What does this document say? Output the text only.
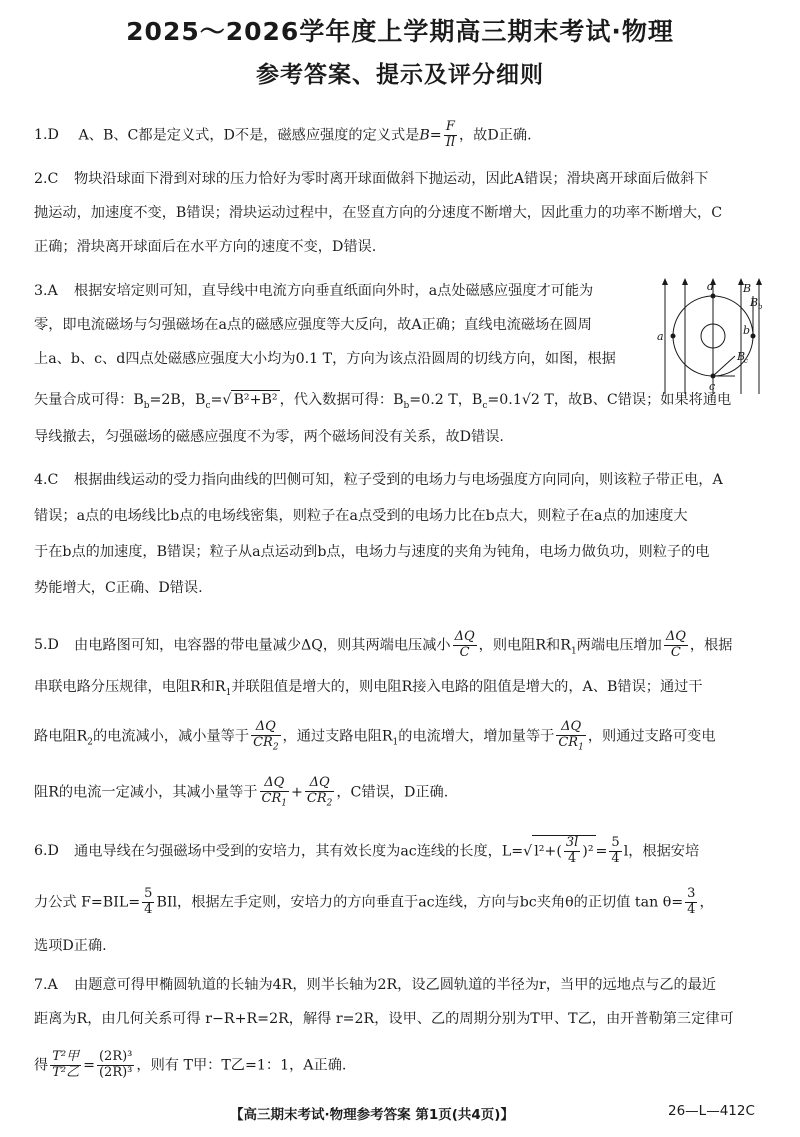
2025～2026学年度上学期高三期末考试·物理
参考答案、提示及评分细则
1.D A、B、C都是定义式，D不是，磁感应强度的定义式是$B= \frac{F}{Il}$ ，故D正确.
2.C 物块沿球面下滑到对球的压力恰好为零时离开球面做斜下抛运动，因此A错误；滑块离开球面后做斜下
抛运动，加速度不变，B错误；滑块运动过程中，在竖直方向的分速度不断增大，因此重力的功率不断增大，C
正确；滑块离开球面后在水平方向的速度不变，D错误.
3.A 根据安培定则可知，直导线中电流方向垂直纸面向外时，a点处磁感应强度才可能为
零，即电流磁场与匀强磁场在a点的磁感应强度等大反向，故A正确；直线电流磁场在圆周
上a、b、c、d四点处磁感应强度大小均为0.1 T，方向为该点沿圆周的切线方向，如图，根据
矢量合成可得：$B_b=2B$，$B_c=√$ B²+B² ，代入数据可得：$B_b=0.2$ T，$B_c=0.1√2$ T，故B、C错误；如果将通电
导线撤去，匀强磁场的磁感应强度不为零，两个磁场间没有关系，故D错误.
d
a	b
c
B
B
B
b
c
4.C 根据曲线运动的受力指向曲线的凹侧可知，粒子受到的电场力与电场强度方向同向，则该粒子带正电，A
错误；a点的电场线比b点的电场线密集，则粒子在a点受到的电场力比在b点大，则粒子在a点的加速度大
于在b点的加速度，B错误；粒子从a点运动到b点，电场力与速度的夹角为钝角，电场力做负功，则粒子的电
势能增大，C正确、D错误.
5.D 由电路图可知，电容器的带电量减少ΔQ，则其两端电压减小 $\frac{\Delta Q}{C}$ ，则电阻R和$R_1$两端电压增加 $\frac{\Delta Q}{C}$ ，根据
串联电路分压规律，电阻R和$R_1$并联阻值是增大的，则电阻R接入电路的阻值是增大的，A、B错误；通过干
路电阻$R_2$的电流减小，减小量等于 $\frac{\Delta Q}{CR_2}$ ，通过支路电阻$R_1$的电流增大，增加量等于 $\frac{\Delta Q}{CR_1}$ ，则通过支路可变电
阻R的电流一定减小，其减小量等于 $\frac{\Delta Q}{CR_1} + \frac{\Delta Q}{CR_2}$ ，C错误，D正确.
6.D 通电导线在匀强磁场中受到的安培力，其有效长度为ac连线的长度，L=√ $l^2+( \frac{3l}{4} )^2 = \frac{5}{4}$ l，根据安培
力公式 $F=BIL= \frac{5}{4}$ BIl，根据左手定则，安培力的方向垂直于ac连线，方向与bc夹角θ的正切值 $\tan \theta= \frac{3}{4}$ ，
选项D正确.
7.A 由题意可得甲椭圆轨道的长轴为4R，则半长轴为2R，设乙圆轨道的半径为r，当甲的远地点与乙的最近
距离为R，由几何关系可得 r−R+R=2R，解得 r=2R，设甲、乙的周期分别为T甲、T乙，由开普勒第三定律可
得 $\frac{\text{T²甲}}{\text{T²乙}} = \frac{\text{(2R)³}}{\text{(2R)³}}$ ，则有 T甲：T乙=1：1，A正确.
【高三期末考试·物理参考答案 第1页(共4页)】	26—L—412C
